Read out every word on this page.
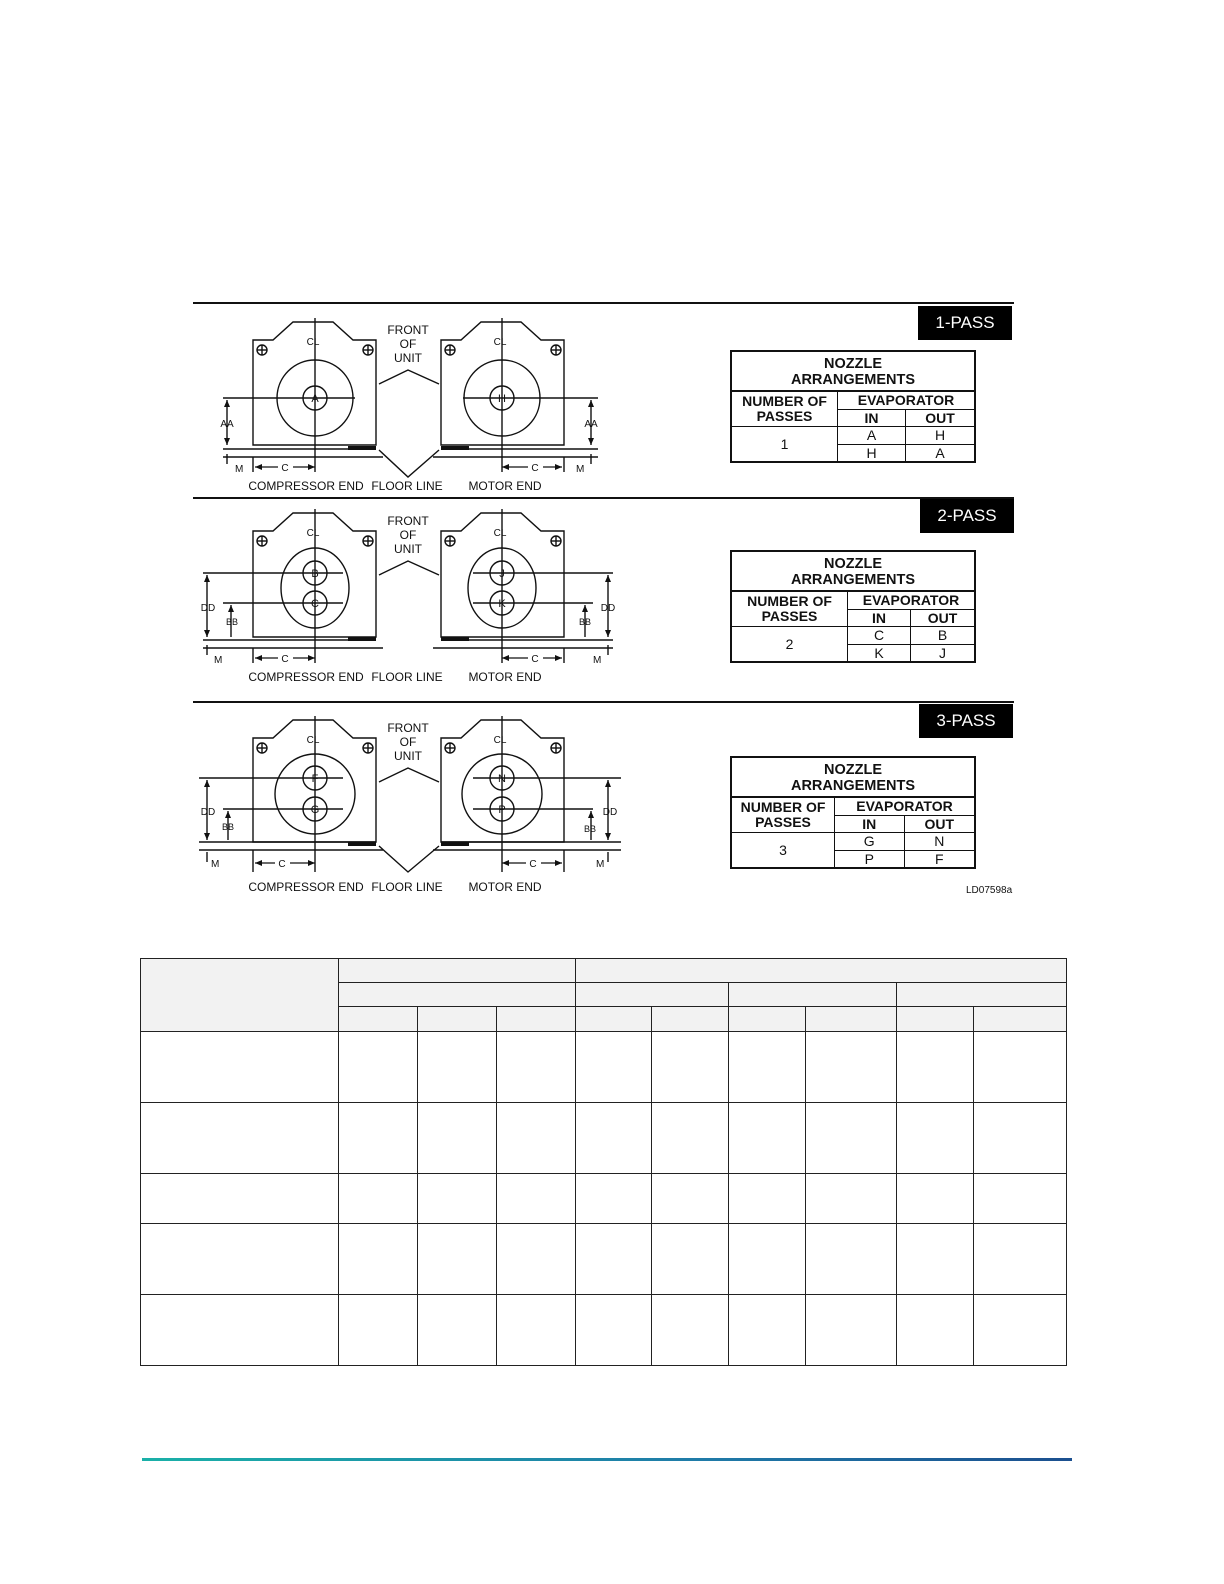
1-PASS
A	H
CL	CL
FRONT
OF
UNIT
AA	AA
M	M
C	C
COMPRESSOR END FLOOR LINE MOTOR END
NOZZLE
ARRANGEMENTS
NUMBER OF
PASSES
EVAPORATOR
IN	OUT
1
A	H
H	A
2-PASS
B
C
J
K
CL	CL
FRONT
OF
UNIT
DD
BB
DD
BB
M	M
C	C
COMPRESSOR END FLOOR LINE MOTOR END
NOZZLE
ARRANGEMENTS
NUMBER OF
PASSES
EVAPORATOR
IN	OUT
2
C	B
K	J
3-PASS
F
G
N
P
CL	CL
FRONT
OF
UNIT
DD
BB
DD
BB
M	M
C	C
COMPRESSOR END FLOOR LINE MOTOR END
NOZZLE
ARRANGEMENTS
NUMBER OF
PASSES
EVAPORATOR
IN	OUT
3
G	N
P	F
LD07598a
